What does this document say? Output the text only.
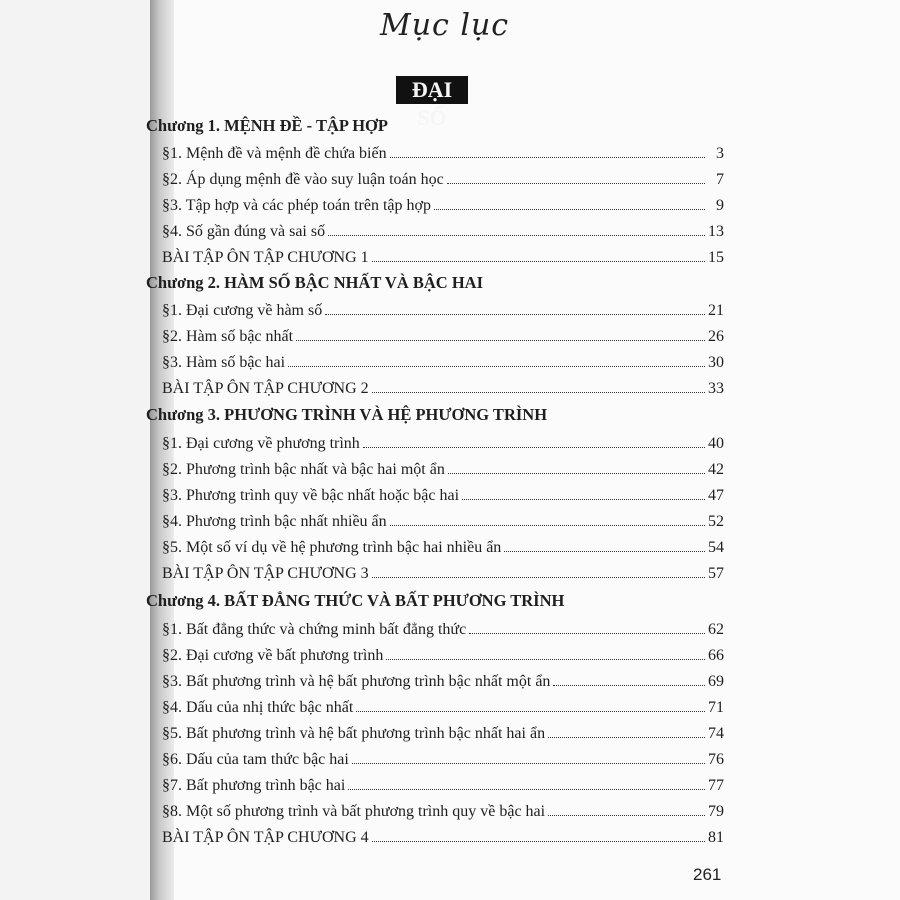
Mục lục
ĐẠI SỐ
Chương 1. MỆNH ĐỀ - TẬP HỢP
§1. Mệnh đề và mệnh đề chứa biến	3
§2. Áp dụng mệnh đề vào suy luận toán học	7
§3. Tập hợp và các phép toán trên tập hợp	9
§4. Số gần đúng và sai số	13
BÀI TẬP ÔN TẬP CHƯƠNG 1	15
Chương 2. HÀM SỐ BẬC NHẤT VÀ BẬC HAI
§1. Đại cương về hàm số	21
§2. Hàm số bậc nhất	26
§3. Hàm số bậc hai	30
BÀI TẬP ÔN TẬP CHƯƠNG 2	33
Chương 3. PHƯƠNG TRÌNH VÀ HỆ PHƯƠNG TRÌNH
§1. Đại cương về phương trình	40
§2. Phương trình bậc nhất và bậc hai một ẩn	42
§3. Phương trình quy về bậc nhất hoặc bậc hai	47
§4. Phương trình bậc nhất nhiều ẩn	52
§5. Một số ví dụ về hệ phương trình bậc hai nhiều ẩn	54
BÀI TẬP ÔN TẬP CHƯƠNG 3	57
Chương 4. BẤT ĐẲNG THỨC VÀ BẤT PHƯƠNG TRÌNH
§1. Bất đẳng thức và chứng minh bất đẳng thức	62
§2. Đại cương về bất phương trình	66
§3. Bất phương trình và hệ bất phương trình bậc nhất một ẩn	69
§4. Dấu của nhị thức bậc nhất	71
§5. Bất phương trình và hệ bất phương trình bậc nhất hai ẩn	74
§6. Dấu của tam thức bậc hai	76
§7. Bất phương trình bậc hai	77
§8. Một số phương trình và bất phương trình quy về bậc hai	79
BÀI TẬP ÔN TẬP CHƯƠNG 4	81
261
